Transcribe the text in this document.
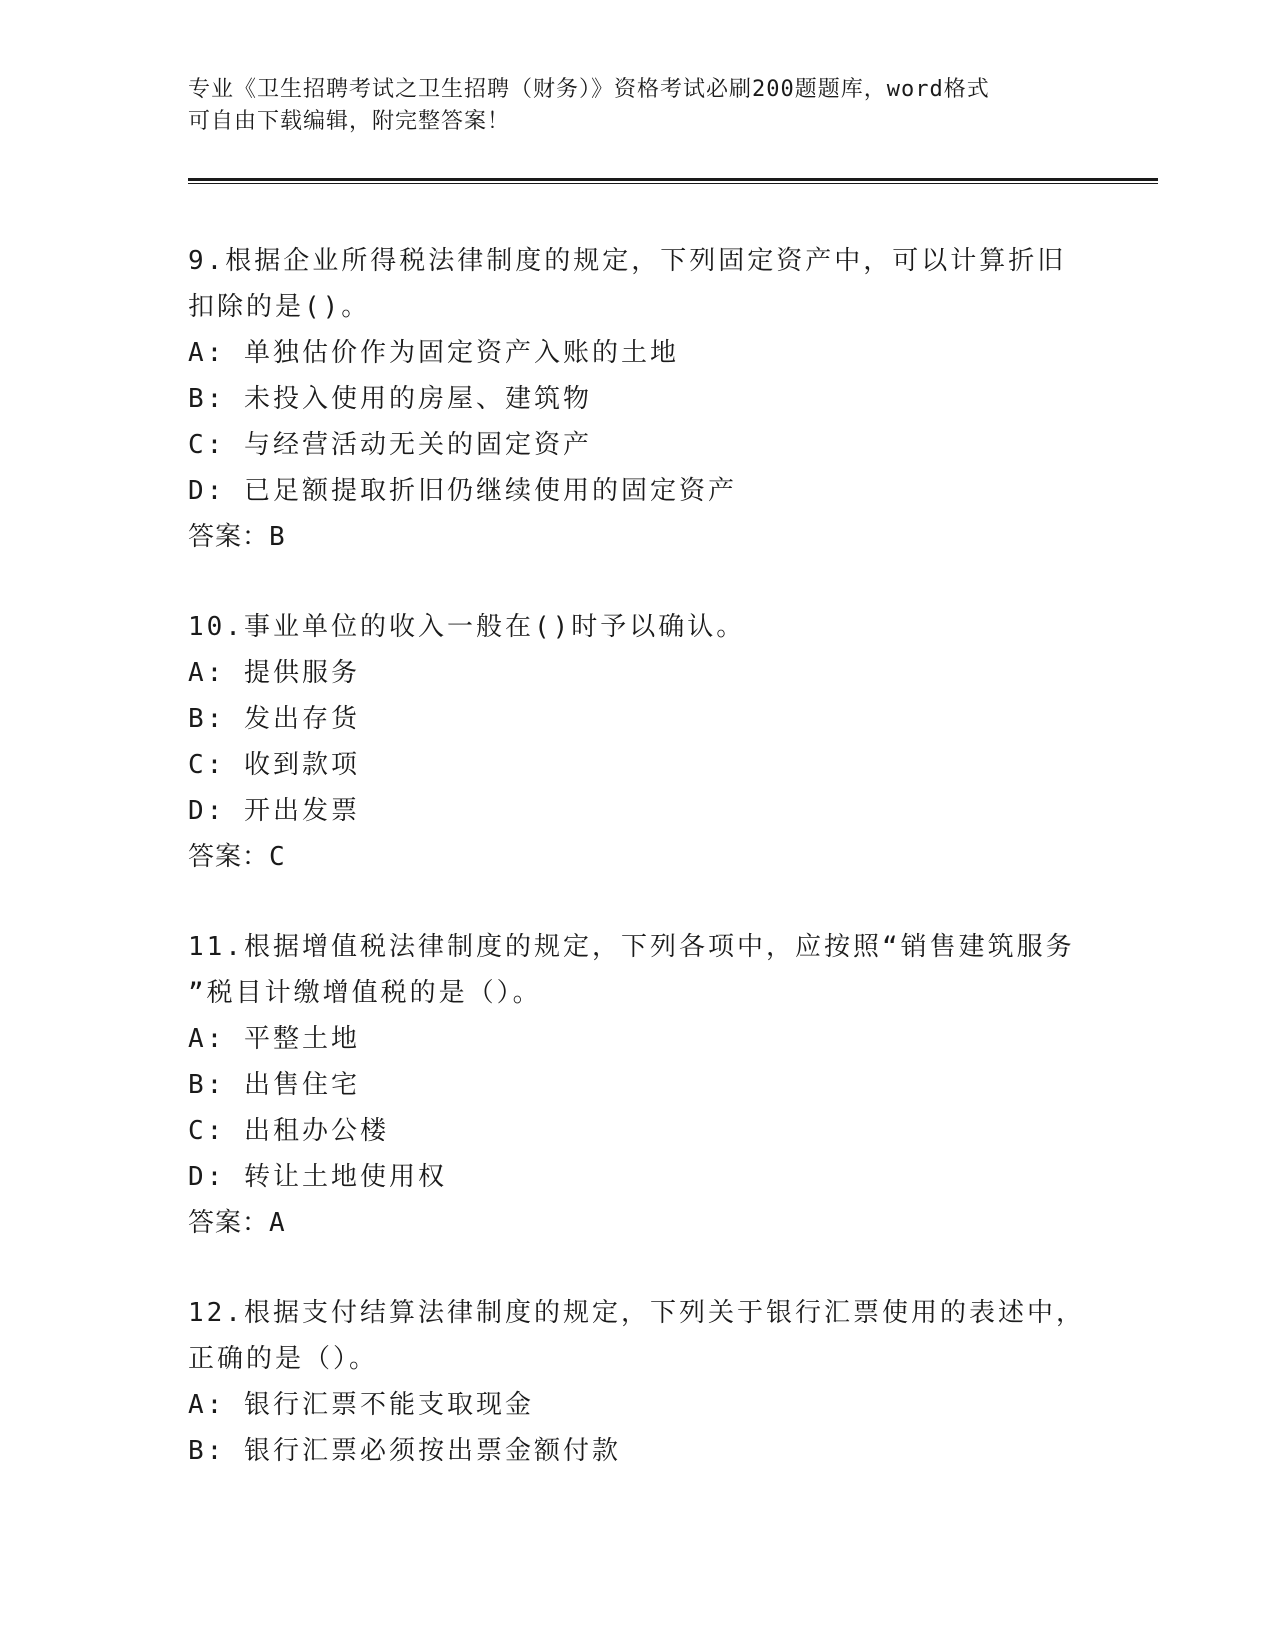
专业《卫生招聘考试之卫生招聘（财务）》资格考试必刷200题题库，word格式
可自由下载编辑，附完整答案！
9.根据企业所得税法律制度的规定，下列固定资产中，可以计算折旧
扣除的是()。
A: 单独估价作为固定资产入账的土地
B: 未投入使用的房屋、建筑物
C: 与经营活动无关的固定资产
D: 已足额提取折旧仍继续使用的固定资产
答案：B
10.事业单位的收入一般在()时予以确认。
A: 提供服务
B: 发出存货
C: 收到款项
D: 开出发票
答案：C
11.根据增值税法律制度的规定，下列各项中，应按照“销售建筑服务
”税目计缴增值税的是（）。
A: 平整土地
B: 出售住宅
C: 出租办公楼
D: 转让土地使用权
答案：A
12.根据支付结算法律制度的规定，下列关于银行汇票使用的表述中，
正确的是（）。
A: 银行汇票不能支取现金
B: 银行汇票必须按出票金额付款
